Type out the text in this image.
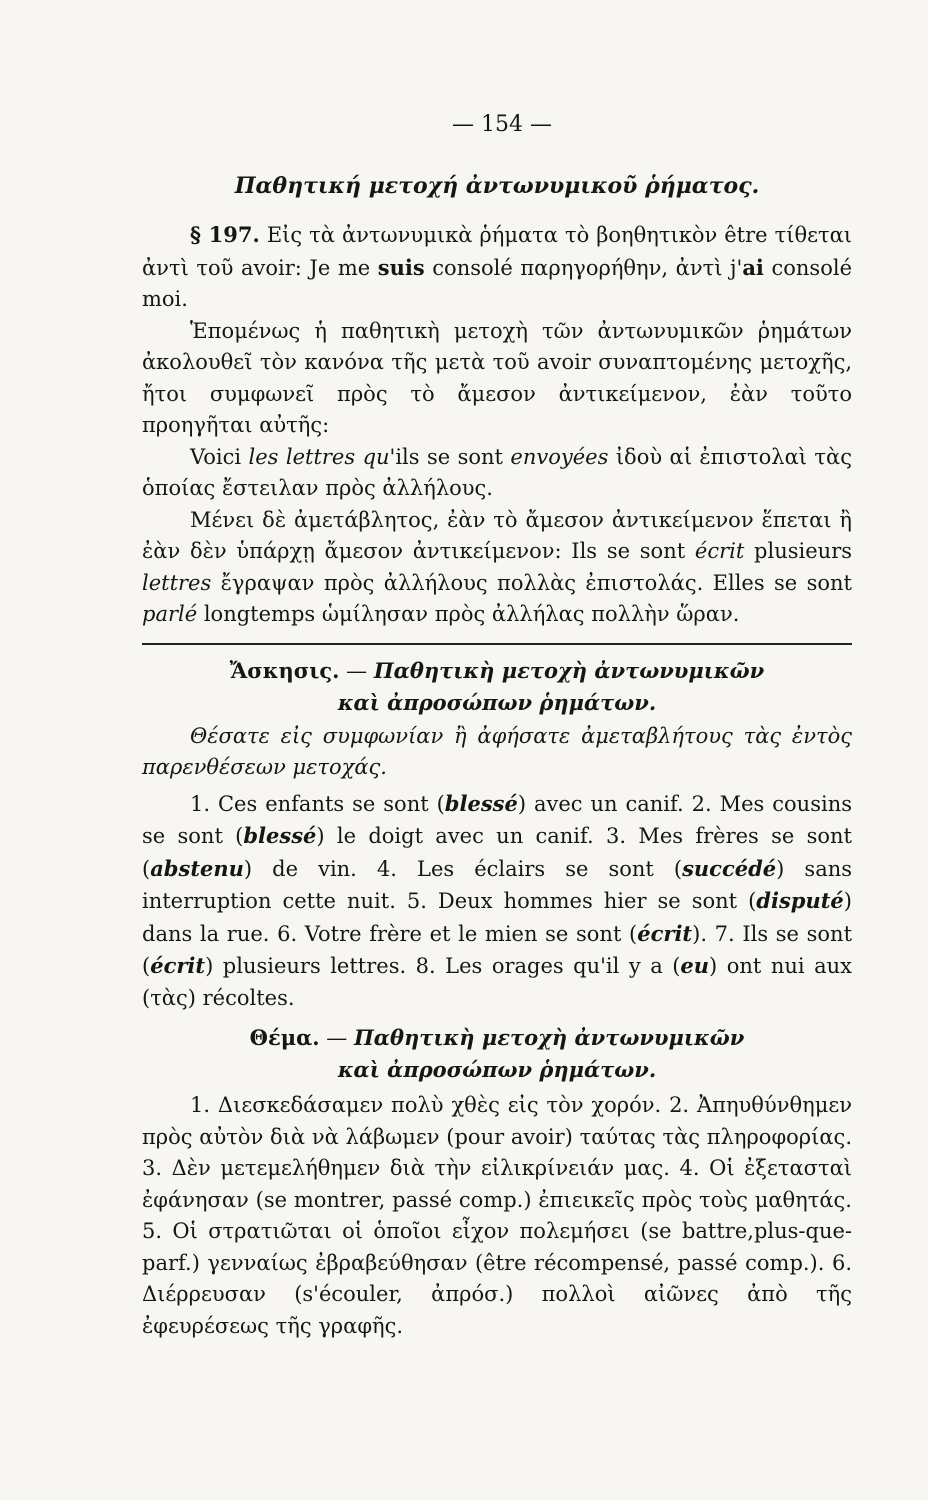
— 154 —
Παθητική μετοχή ἀντωνυμικοῦ ῥήματος.

§ 197. Εἰς τὰ ἀντωνυμικὰ ῥήματα τὸ βοηθητικὸν être τίθεται ἀντὶ τοῦ avoir: Je me suis consolé παρηγορήθην, ἀντὶ j'ai consolé moi.

Ἑπομένως ἡ παθητικὴ μετοχὴ τῶν ἀντωνυμικῶν ῥημάτων ἀκολουθεῖ τὸν κανόνα τῆς μετὰ τοῦ avoir συναπτομένης μετοχῆς, ἤτοι συμφωνεῖ πρὸς τὸ ἄμεσον ἀντικείμενον, ἐὰν τοῦτο προηγῆται αὐτῆς:

Voici les lettres qu'ils se sont envoyées ἰδοὺ αἱ ἐπιστολαὶ τὰς ὁποίας ἔστειλαν πρὸς ἀλλήλους.

Μένει δὲ ἀμετάβλητος, ἐὰν τὸ ἄμεσον ἀντικείμενον ἕπεται ἢ ἐὰν δὲν ὑπάρχῃ ἄμεσον ἀντικείμενον: Ils se sont écrit plusieurs lettres ἔγραψαν πρὸς ἀλλήλους πολλὰς ἐπιστολάς. Elles se sont parlé longtemps ὡμίλησαν πρὸς ἀλλήλας πολλὴν ὥραν.

Ἄσκησις. — Παθητικὴ μετοχὴ ἀντωνυμικῶν
καὶ ἀπροσώπων ῥημάτων.

Θέσατε εἰς συμφωνίαν ἢ ἀφήσατε ἀμεταβλήτους τὰς ἐντὸς παρενθέσεων μετοχάς.

1. Ces enfants se sont (blessé) avec un canif. 2. Mes cousins se sont (blessé) le doigt avec un canif. 3. Mes frères se sont (abstenu) de vin. 4. Les éclairs se sont (succédé) sans interruption cette nuit. 5. Deux hommes hier se sont (disputé) dans la rue. 6. Votre frère et le mien se sont (écrit). 7. Ils se sont (écrit) plusieurs lettres. 8. Les orages qu'il y a (eu) ont nui aux (τὰς) récoltes.

Θέμα. — Παθητικὴ μετοχὴ ἀντωνυμικῶν
καὶ ἀπροσώπων ῥημάτων.

1. Διεσκεδάσαμεν πολὺ χθὲς εἰς τὸν χορόν. 2. Ἀπηυθύνθημεν πρὸς αὐτὸν διὰ νὰ λάβωμεν (pour avoir) ταύτας τὰς πληροφορίας. 3. Δὲν μετεμελήθημεν διὰ τὴν εἰλικρίνειάν μας. 4. Οἱ ἐξετασταὶ ἐφάνησαν (se montrer, passé comp.) ἐπιεικεῖς πρὸς τοὺς μαθητάς. 5. Οἱ στρατιῶται οἱ ὁποῖοι εἶχον πολεμήσει (se battre,plus-que-parf.) γενναίως ἐβραβεύθησαν (être récompensé, passé comp.). 6. Διέρρευσαν (s'écouler, ἀπρόσ.) πολλοὶ αἰῶνες ἀπὸ τῆς ἐφευρέσεως τῆς γραφῆς.
